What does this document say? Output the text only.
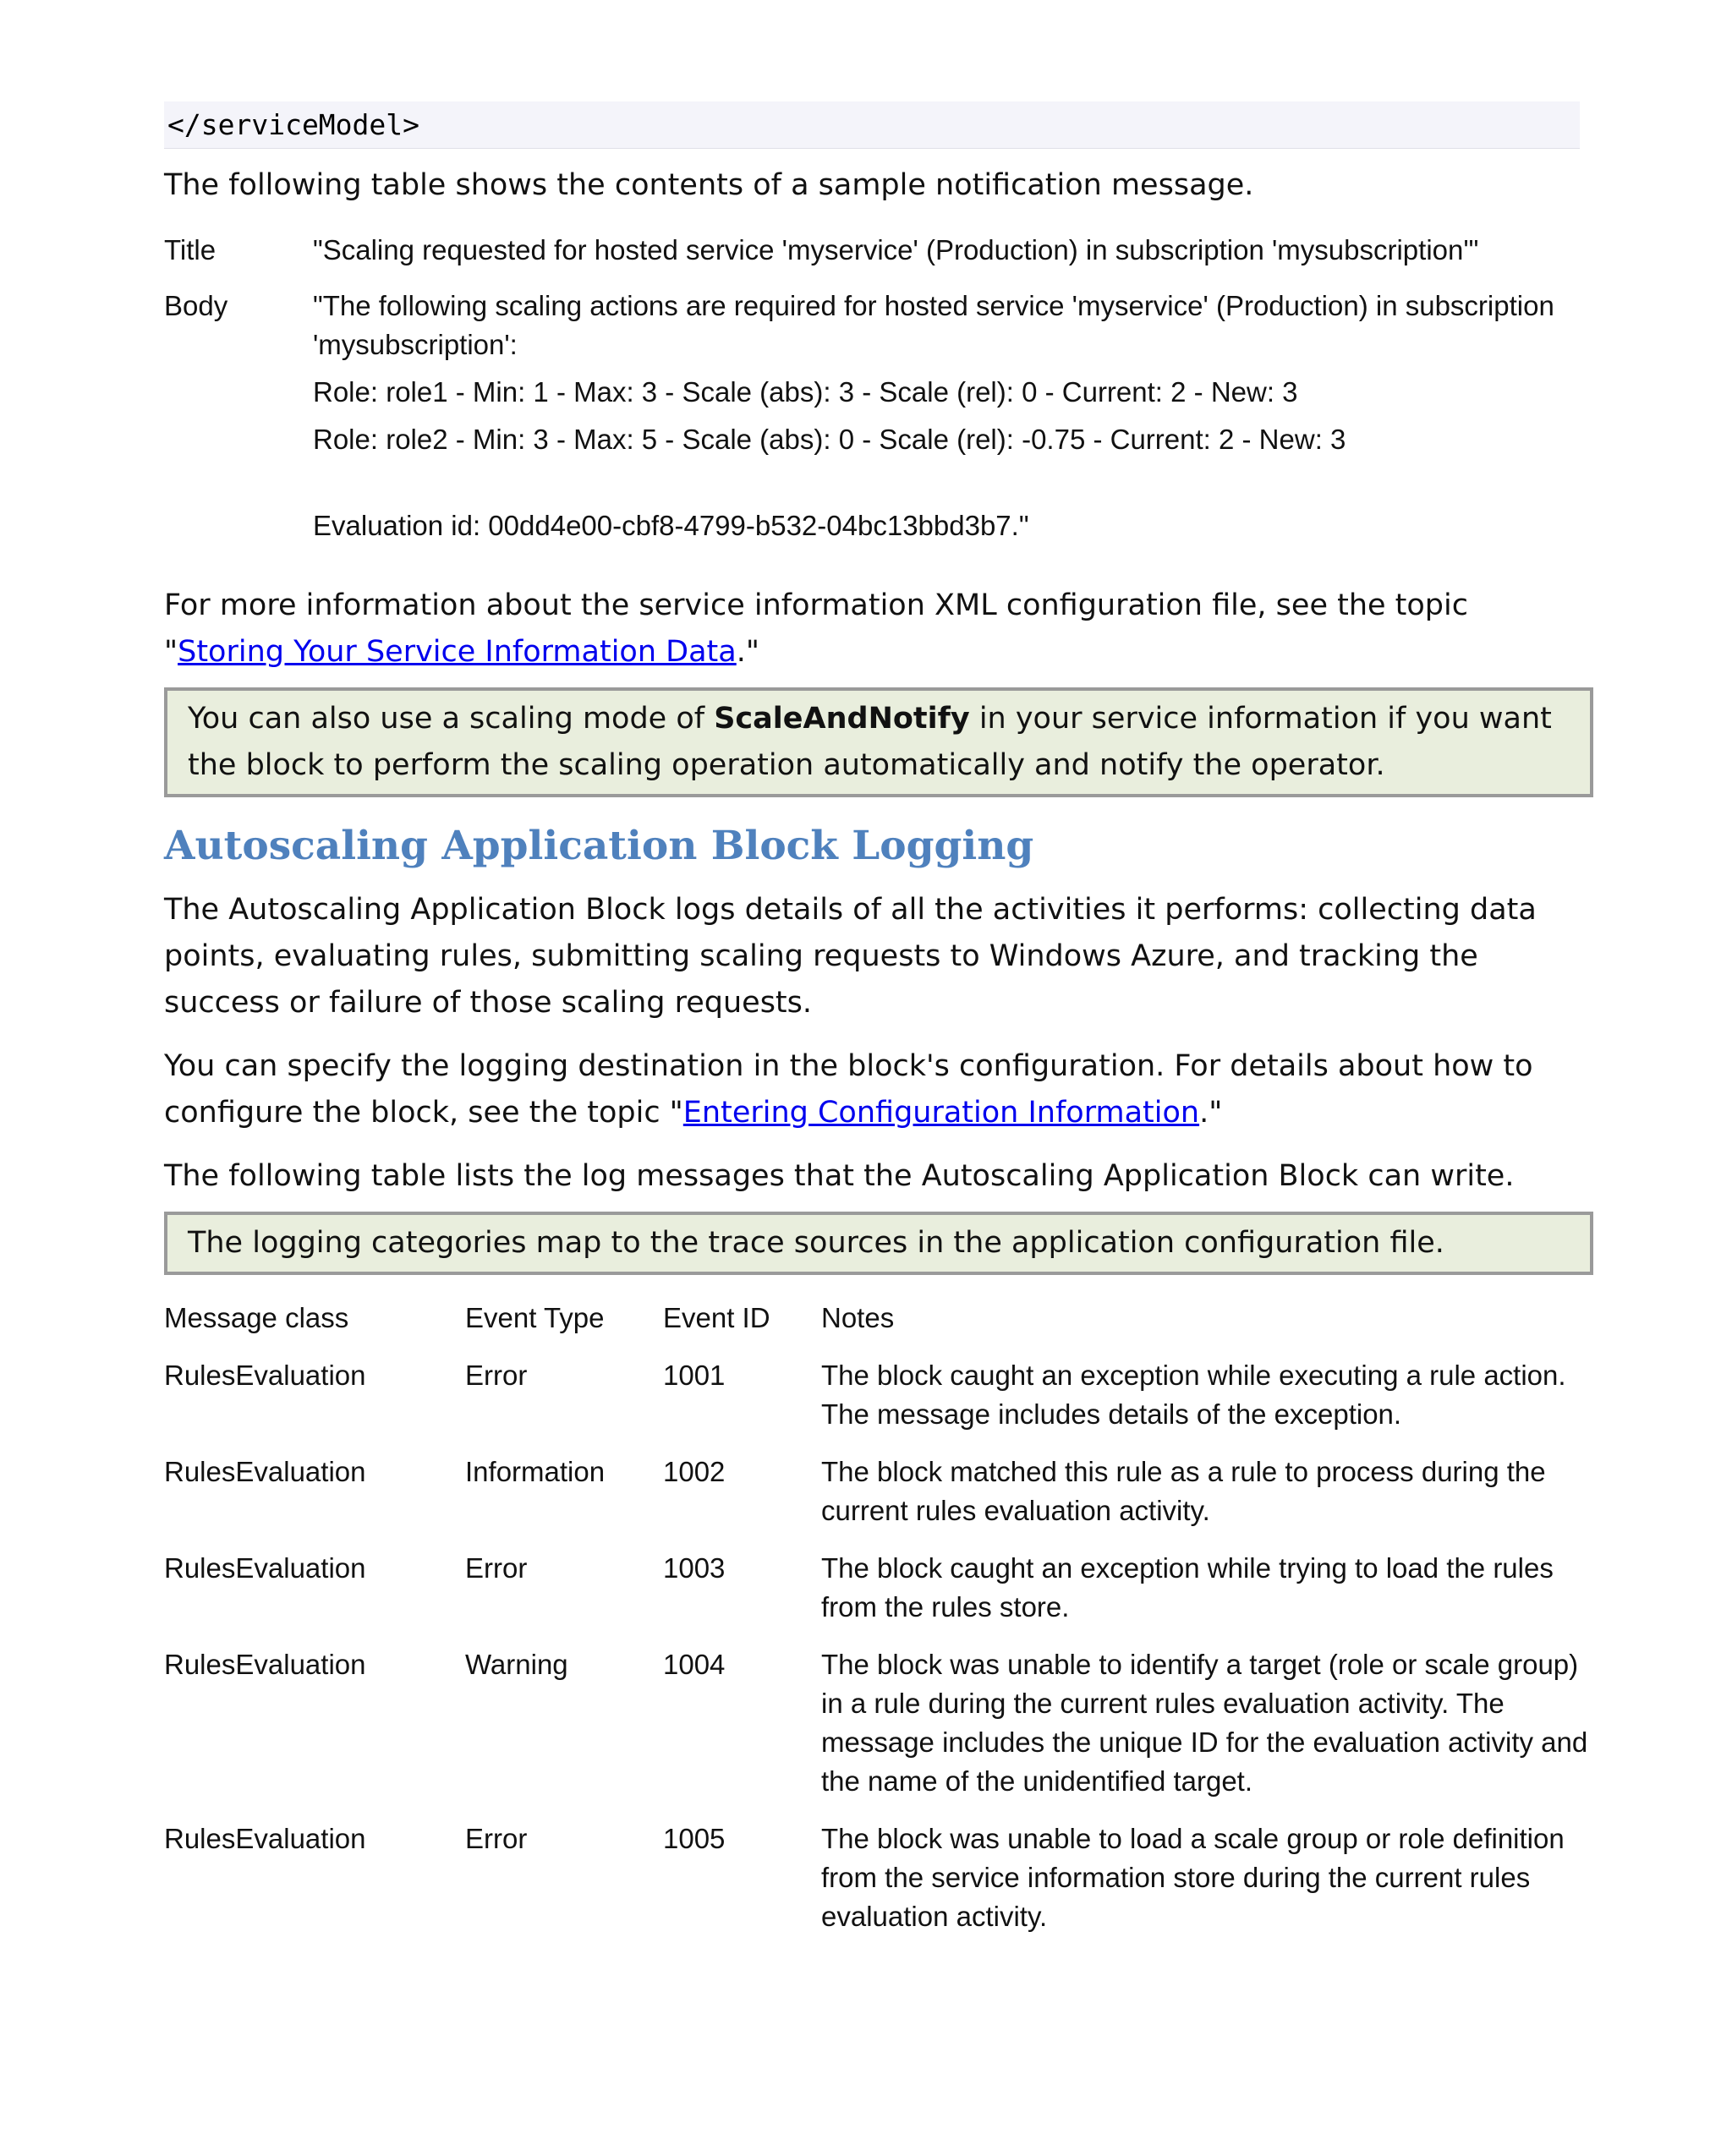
</serviceModel>

The following table shows the contents of a sample notification message.

Title	"Scaling requested for hosted service 'myservice' (Production) in subscription 'mysubscription'"
Body	"The following scaling actions are required for hosted service 'myservice' (Production) in subscription 'mysubscription':

Role: role1 - Min: 1 - Max: 3 - Scale (abs): 3 - Scale (rel): 0 - Current: 2 - New: 3

Role: role2 - Min: 3 - Max: 5 - Scale (abs): 0 - Scale (rel): -0.75 - Current: 2 - New: 3

Evaluation id: 00dd4e00-cbf8-4799-b532-04bc13bbd3b7."

For more information about the service information XML configuration file, see the topic "Storing Your Service Information Data."

You can also use a scaling mode of ScaleAndNotify in your service information if you want the block to perform the scaling operation automatically and notify the operator.
Autoscaling Application Block Logging

The Autoscaling Application Block logs details of all the activities it performs: collecting data points, evaluating rules, submitting scaling requests to Windows Azure, and tracking the success or failure of those scaling requests.

You can specify the logging destination in the block's configuration. For details about how to configure the block, see the topic "Entering Configuration Information."

The following table lists the log messages that the Autoscaling Application Block can write.

The logging categories map to the trace sources in the application configuration file.
Message class	Event Type	Event ID	Notes
RulesEvaluation	Error	1001	The block caught an exception while executing a rule action. The message includes details of the exception.
RulesEvaluation	Information	1002	The block matched this rule as a rule to process during the current rules evaluation activity.
RulesEvaluation	Error	1003	The block caught an exception while trying to load the rules from the rules store.
RulesEvaluation	Warning	1004	The block was unable to identify a target (role or scale group) in a rule during the current rules evaluation activity. The message includes the unique ID for the evaluation activity and the name of the unidentified target.
RulesEvaluation	Error	1005	The block was unable to load a scale group or role definition from the service information store during the current rules evaluation activity.
